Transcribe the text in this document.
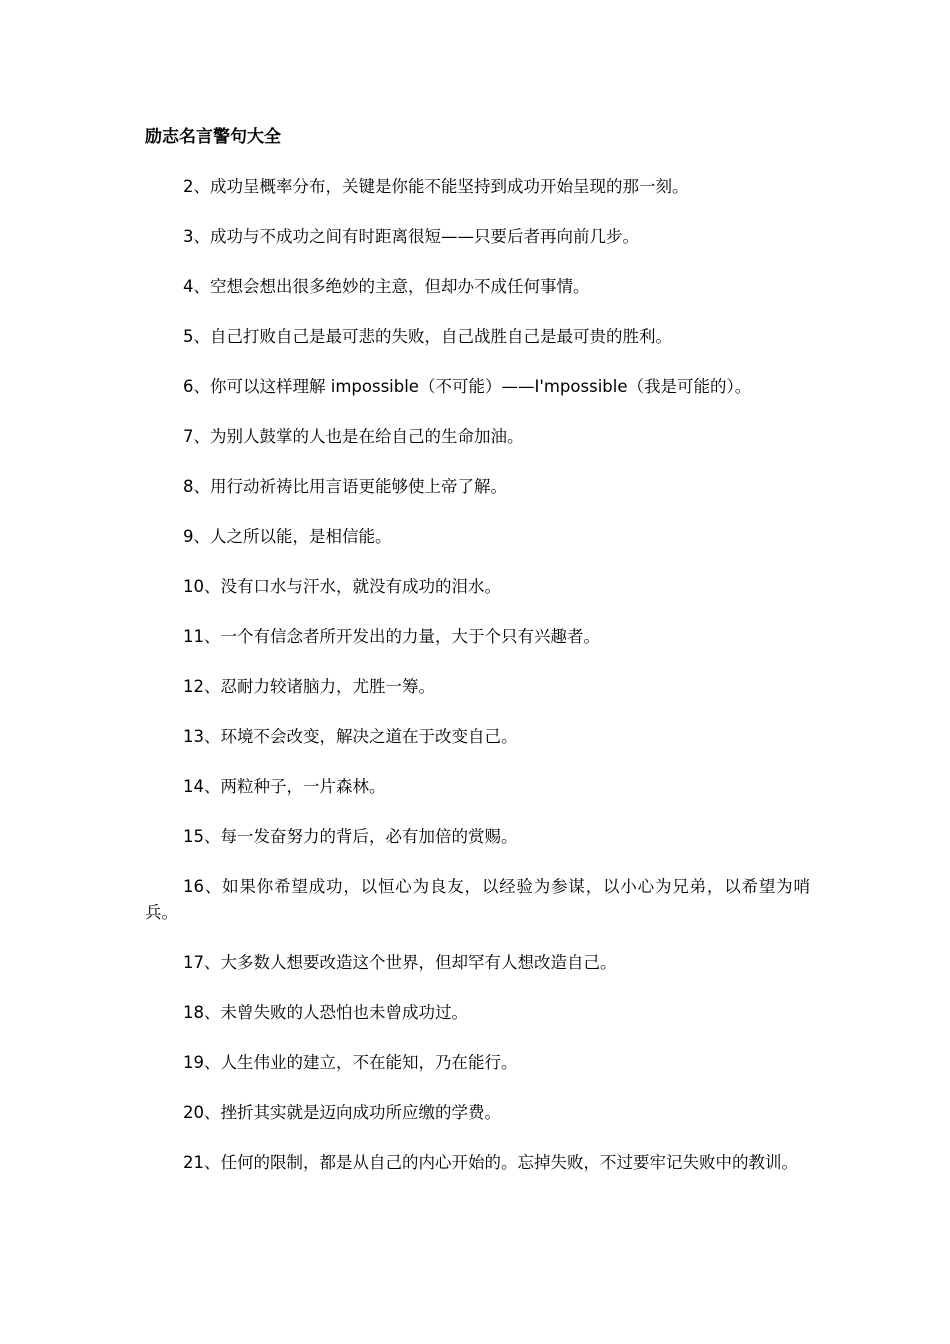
励志名言警句大全

2、成功呈概率分布，关键是你能不能坚持到成功开始呈现的那一刻。

3、成功与不成功之间有时距离很短——只要后者再向前几步。

4、空想会想出很多绝妙的主意，但却办不成任何事情。

5、自己打败自己是最可悲的失败，自己战胜自己是最可贵的胜利。

6、你可以这样理解 impossible（不可能）——I'mpossible（我是可能的）。

7、为别人鼓掌的人也是在给自己的生命加油。

8、用行动祈祷比用言语更能够使上帝了解。

9、人之所以能，是相信能。

10、没有口水与汗水，就没有成功的泪水。

11、一个有信念者所开发出的力量，大于个只有兴趣者。

12、忍耐力较诸脑力，尤胜一筹。

13、环境不会改变，解决之道在于改变自己。

14、两粒种子，一片森林。

15、每一发奋努力的背后，必有加倍的赏赐。

16、如果你希望成功，以恒心为良友，以经验为参谋，以小心为兄弟，以希望为哨兵。

17、大多数人想要改造这个世界，但却罕有人想改造自己。

18、未曾失败的人恐怕也未曾成功过。

19、人生伟业的建立，不在能知，乃在能行。

20、挫折其实就是迈向成功所应缴的学费。

21、任何的限制，都是从自己的内心开始的。忘掉失败，不过要牢记失败中的教训。
